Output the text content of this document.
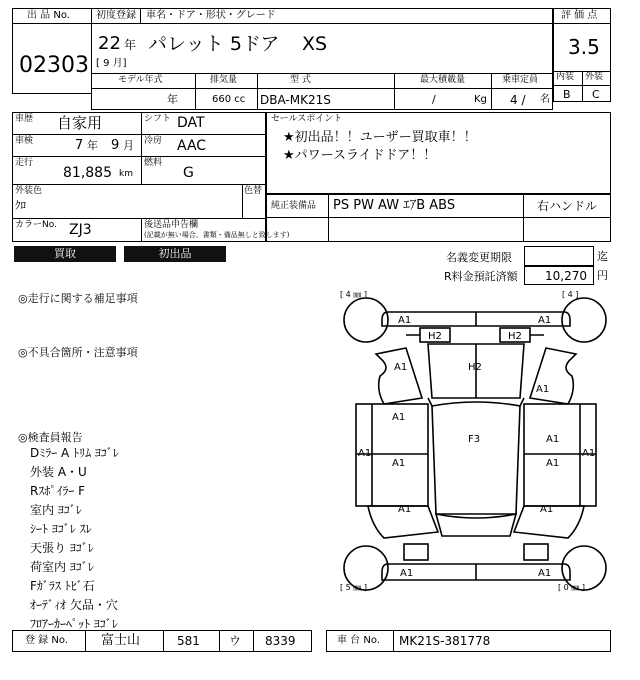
出 品 No.
02303
初度登録 車名・ドア・形状・グレード
22 年
[ 9 月]
パレット 5ドア XS
評 価 点
3.5
内装 外装
B C
モデル年式	排気量	型 式	最大積載量	乗車定員
年	660 cc DBA-MK21S	/	Kg 4 / 名
車歴 自家用	シフト DAT
車検	7 年 9 月 冷房 AAC
走行
81,885 km
燃料
G
外装色
ｸﾛ
色替
カラーNo. ZJ3	後送品申告欄
(記載が無い場合、書類・備品無しと致します)
セールスポイント
★初出品！！ユーザー買取車！！
★パワースライドドア！！
純正装備品 PS PW AW ｴｱB ABS	右ハンドル
買取	初出品	名義変更期限	迄
R料金預託済額 10,270 円
◎走行に関する補足事項
◎不具合箇所・注意事項
◎検査員報告
Dﾐﾗｰ A ﾄﾘﾑ ﾖｺﾞﾚ
外装 A・U
Rｽﾎﾟｲﾗｰ F
室内 ﾖｺﾞﾚ
ｼｰﾄ ﾖｺﾞﾚ ｽﾚ
天張り ﾖｺﾞﾚ
荷室内 ﾖｺﾞﾚ
Fｶﾞﾗｽ ﾄﾋﾞ石
ｵｰﾃﾞｨｵ 欠品・穴
ﾌﾛｱｰｶｰﾍﾟｯﾄ ﾖｺﾞﾚ
[ 4 ㎜ ]	[ 4 ]
[ 5 ㎜ ]	[ 0 ㎜ ]
A1	A1
H2	H2
H2
A1
A1
A1
A1
A1	A1
A1	A1
F3
A1	A1
A1	A1
登 録 No.	富士山	581 ウ 8339	車 台 No. MK21S-381778
